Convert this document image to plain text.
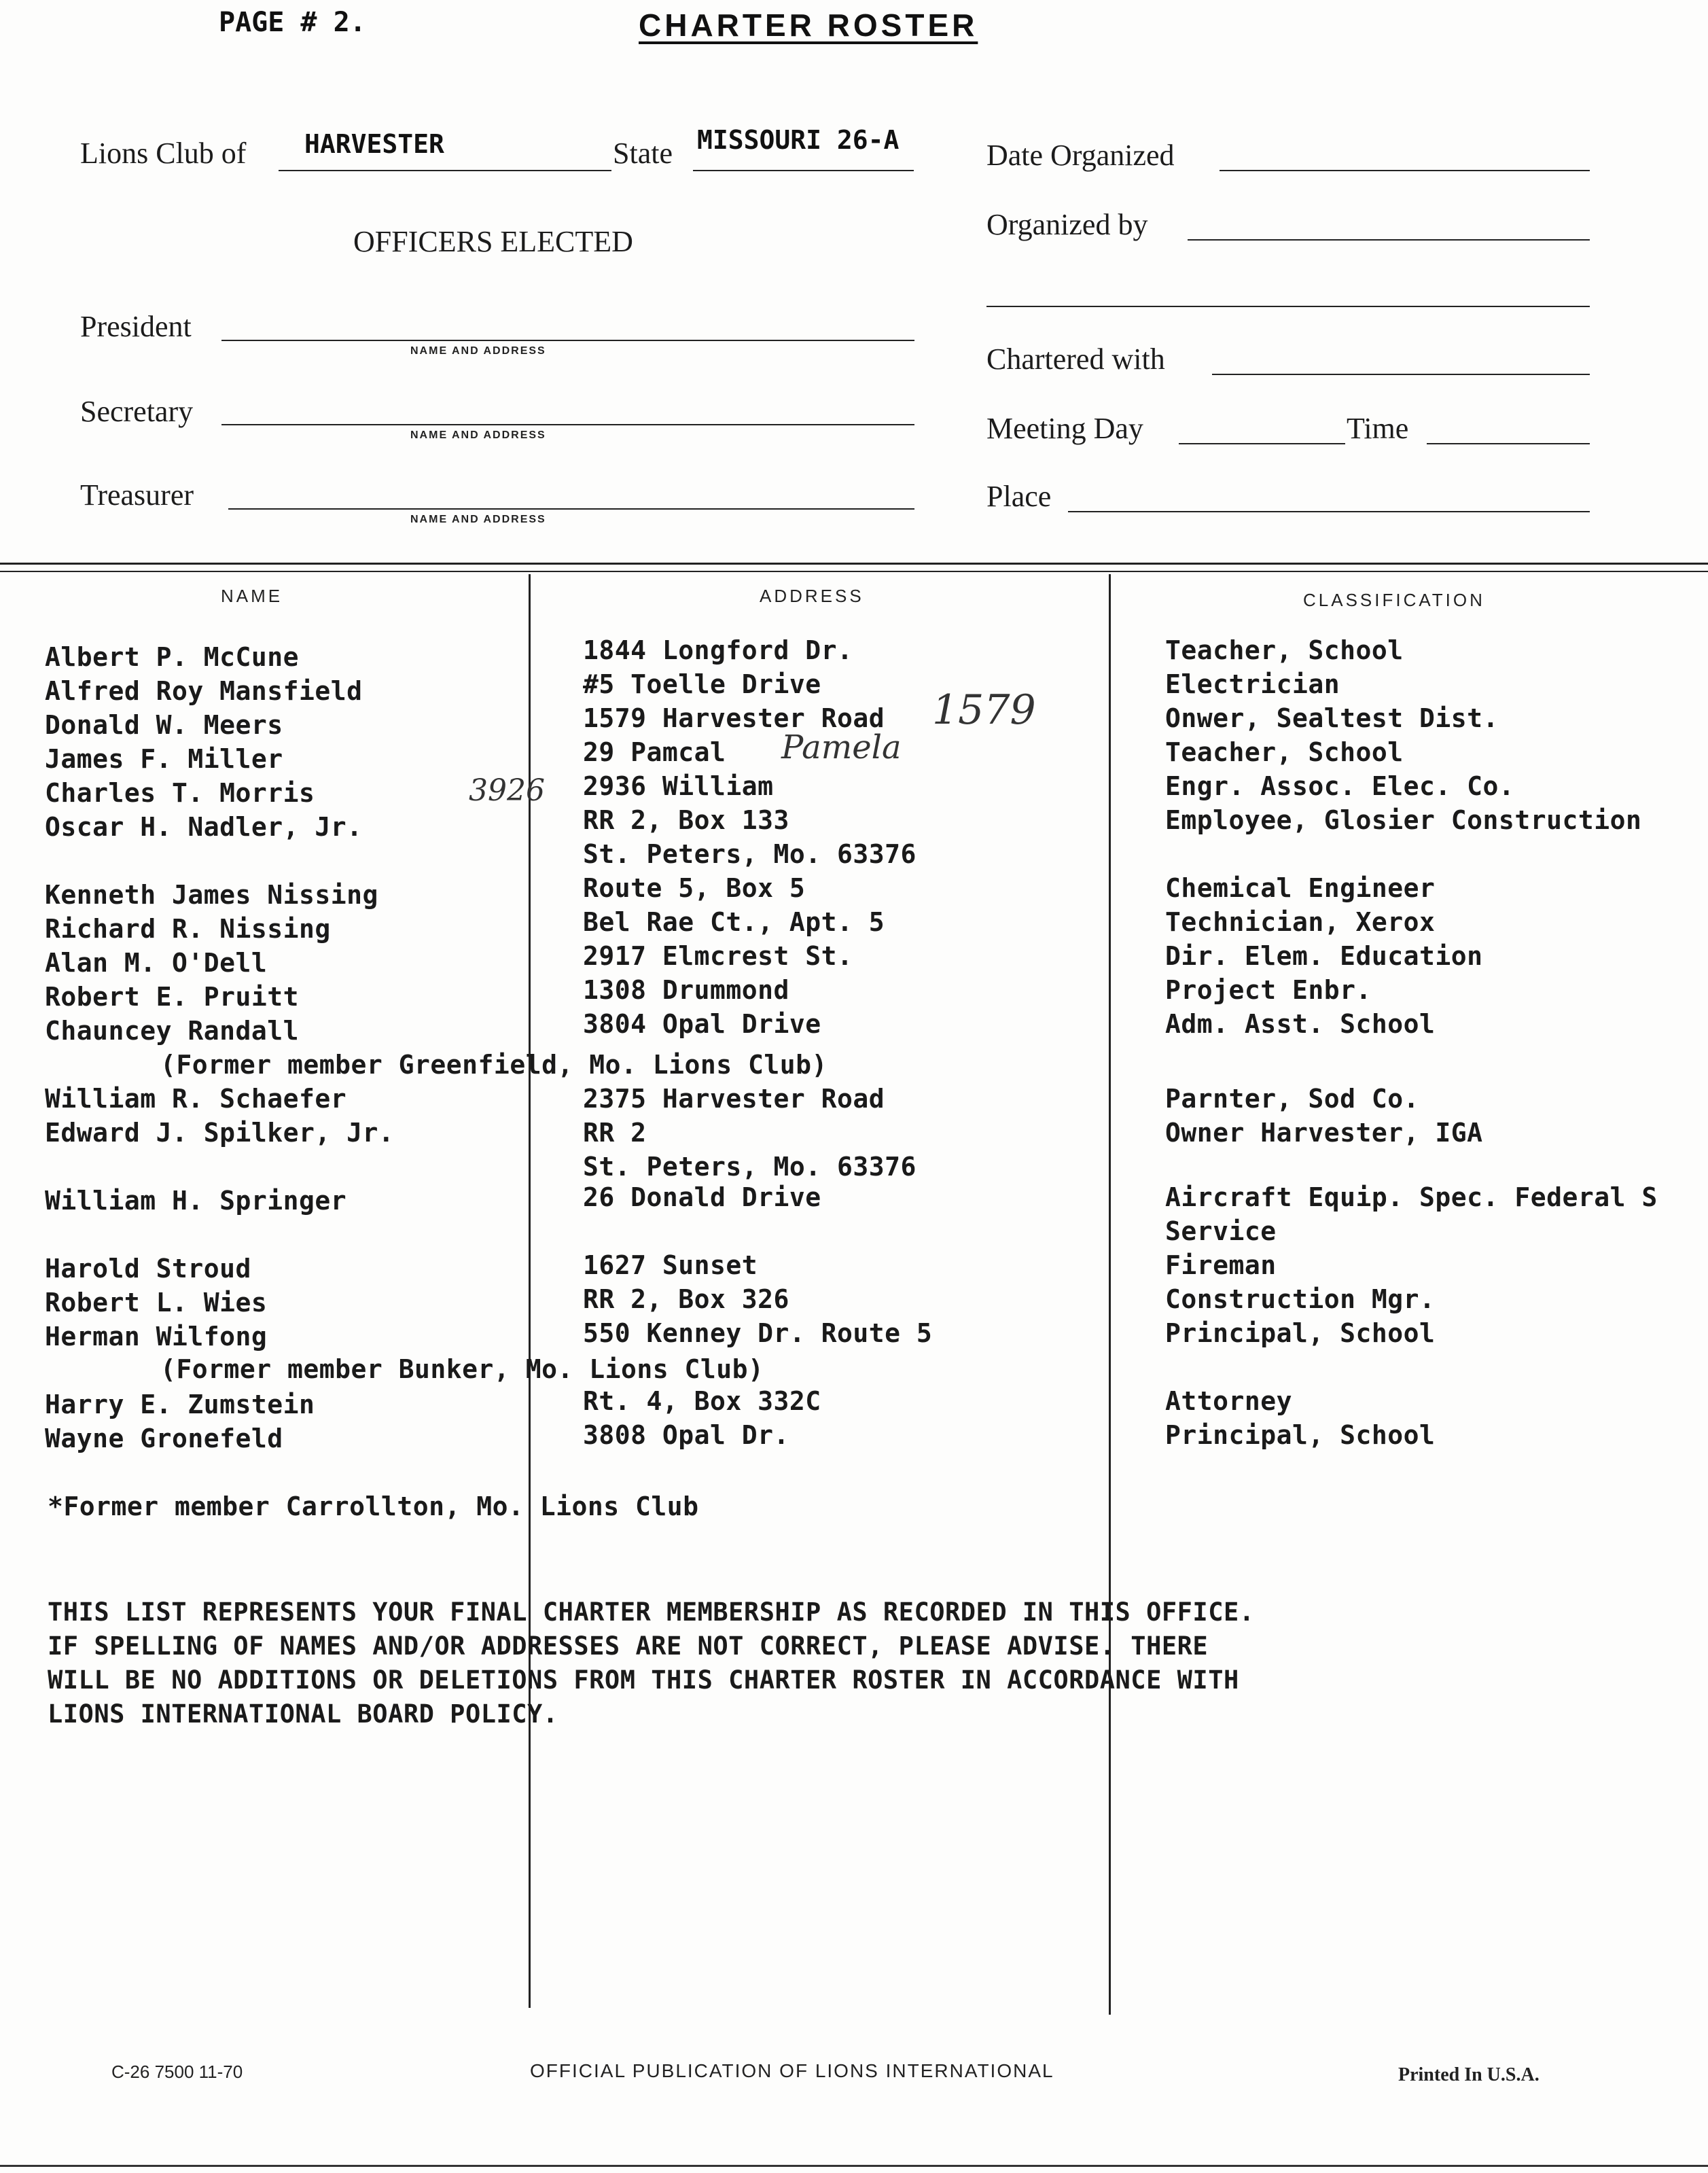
PAGE # 2.	CHARTER ROSTER
Lions Club of HARVESTER	State MISSOURI 26-A
OFFICERS ELECTED
President
NAME AND ADDRESS
Secretary
NAME AND ADDRESS
Treasurer
NAME AND ADDRESS
Date Organized
Organized by
Chartered with
Meeting Day	Time
Place
NAME	ADDRESS	CLASSIFICATION
Albert P. McCune	1844 Longford Dr.	Teacher, School
Alfred Roy Mansfield	#5 Toelle Drive	Electrician
Donald W. Meers	1579 Harvester Road	Onwer, Sealtest Dist.
1579
James F. Miller	29 Pamcal	Teacher, School
Pamela
Charles T. Morris	2936 William	Engr. Assoc. Elec. Co.
3926
Oscar H. Nadler, Jr.	RR 2, Box 133	Employee, Glosier Construction
St. Peters, Mo. 63376
Kenneth James Nissing	Route 5, Box 5	Chemical Engineer
Richard R. Nissing	Bel Rae Ct., Apt. 5	Technician, Xerox
Alan M. O'Dell	2917 Elmcrest St.	Dir. Elem. Education
Robert E. Pruitt	1308 Drummond	Project Enbr.
Chauncey Randall	3804 Opal Drive	Adm. Asst. School
(Former member Greenfield, Mo. Lions Club)
William R. Schaefer	2375 Harvester Road	Parnter, Sod Co.
Edward J. Spilker, Jr.	RR 2	Owner Harvester, IGA
St. Peters, Mo. 63376
William H. Springer	26 Donald Drive	Aircraft Equip. Spec. Federal S
Service
Harold Stroud	1627 Sunset	Fireman
Robert L. Wies	RR 2, Box 326	Construction Mgr.
Herman Wilfong	550 Kenney Dr. Route 5	Principal, School
(Former member Bunker, Mo. Lions Club)
Harry E. Zumstein	Rt. 4, Box 332C	Attorney
Wayne Gronefeld	3808 Opal Dr.	Principal, School
*Former member Carrollton, Mo. Lions Club
THIS LIST REPRESENTS YOUR FINAL CHARTER MEMBERSHIP AS RECORDED IN THIS OFFICE.
IF SPELLING OF NAMES AND/OR ADDRESSES ARE NOT CORRECT, PLEASE ADVISE. THERE
WILL BE NO ADDITIONS OR DELETIONS FROM THIS CHARTER ROSTER IN ACCORDANCE WITH
LIONS INTERNATIONAL BOARD POLICY.
C-26 7500 11-70	OFFICIAL PUBLICATION OF LIONS INTERNATIONAL	Printed In U.S.A.
